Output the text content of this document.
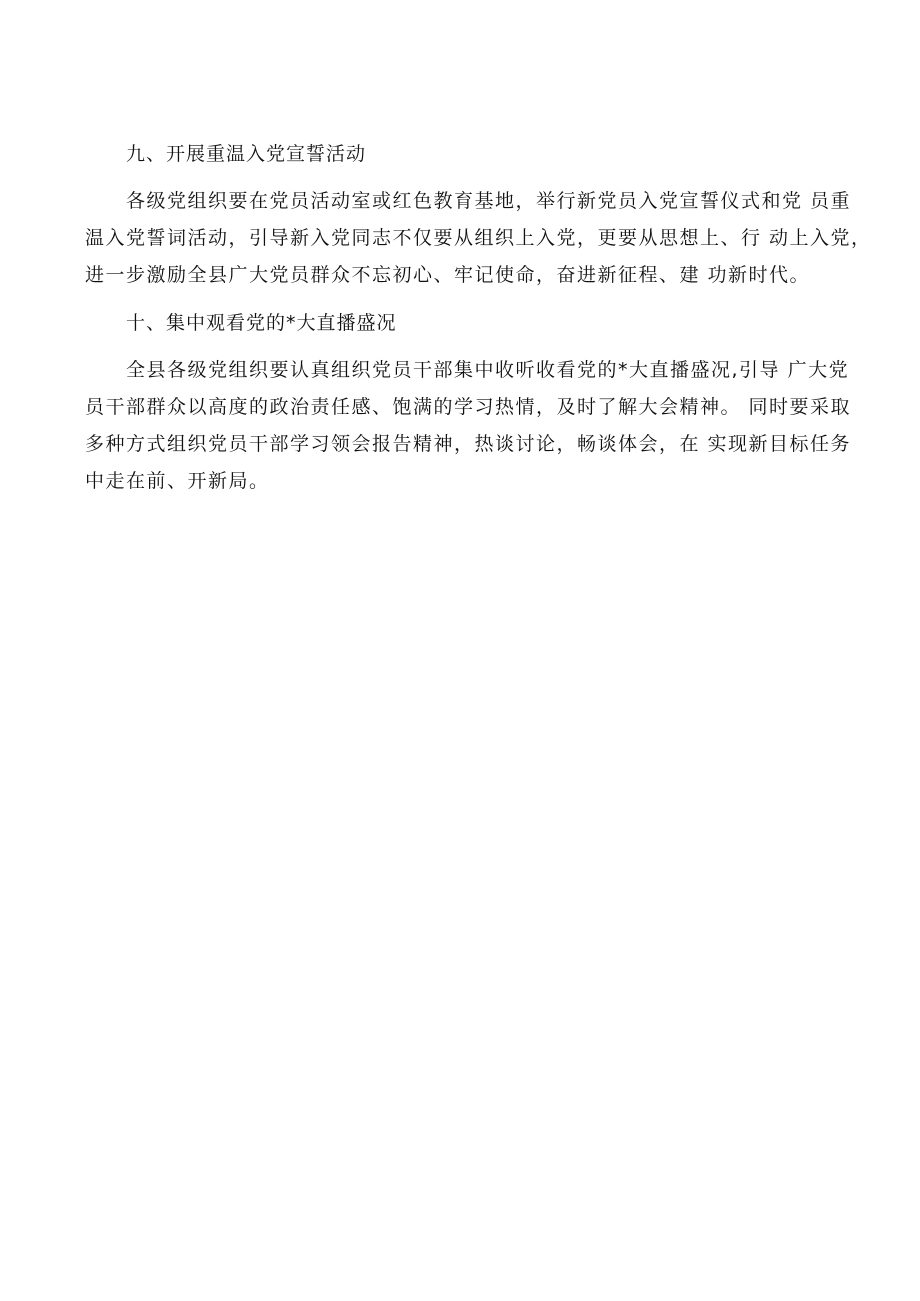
九、开展重温入党宣誓活动
各级党组织要在党员活动室或红色教育基地，举行新党员入党宣誓仪式和党 员重
温入党誓词活动，引导新入党同志不仅要从组织上入党，更要从思想上、行 动上入党，
进一步激励全县广大党员群众不忘初心、牢记使命，奋进新征程、建 功新时代。
十、集中观看党的*大直播盛况
全县各级党组织要认真组织党员干部集中收听收看党的*大直播盛况,引导 广大党
员干部群众以高度的政治责任感、饱满的学习热情，及时了解大会精神。 同时要采取
多种方式组织党员干部学习领会报告精神，热谈讨论，畅谈体会，在 实现新目标任务
中走在前、开新局。
